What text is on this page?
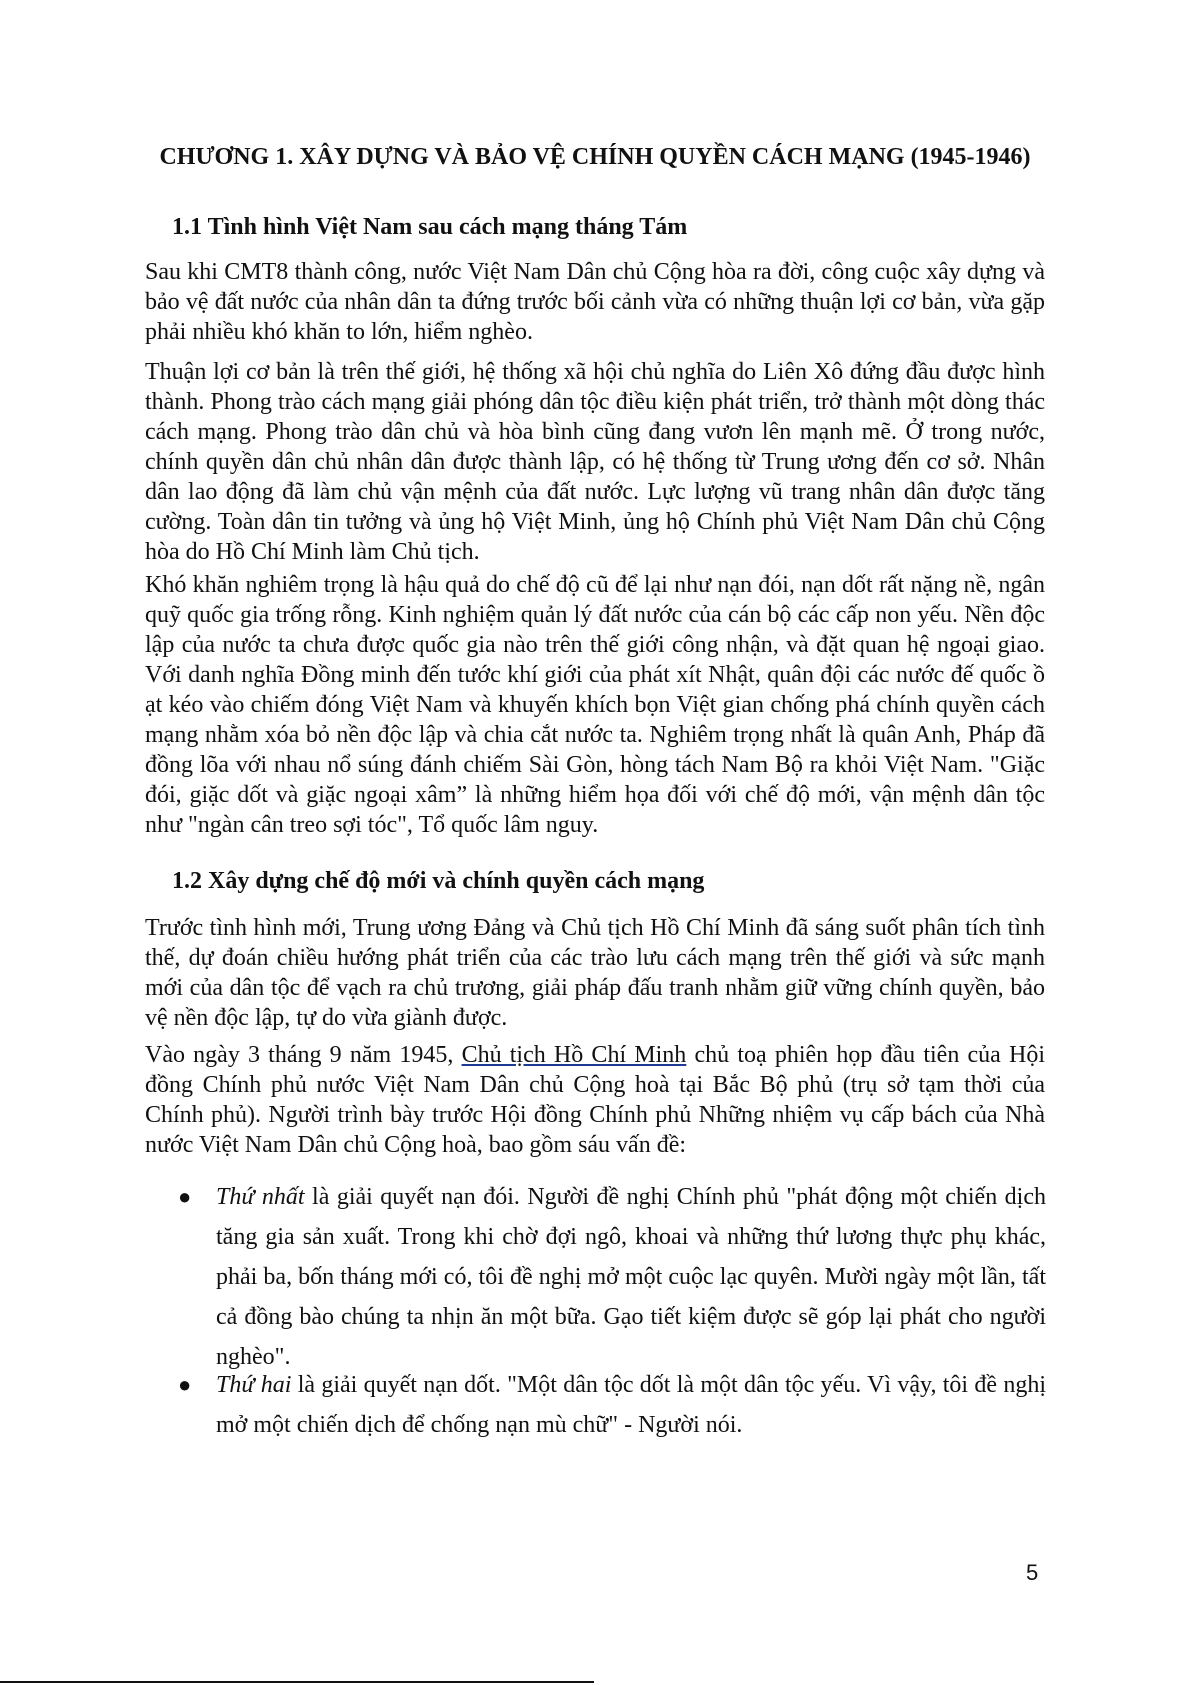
CHƯƠNG 1. XÂY DỰNG VÀ BẢO VỆ CHÍNH QUYỀN CÁCH MẠNG (1945-1946)
1.1 Tình hình Việt Nam sau cách mạng tháng Tám

Sau khi CMT8 thành công, nước Việt Nam Dân chủ Cộng hòa ra đời, công cuộc xây dựng và bảo vệ đất nước của nhân dân ta đứng trước bối cảnh vừa có những thuận lợi cơ bản, vừa gặp phải nhiều khó khăn to lớn, hiểm nghèo.

Thuận lợi cơ bản là trên thế giới, hệ thống xã hội chủ nghĩa do Liên Xô đứng đầu được hình thành. Phong trào cách mạng giải phóng dân tộc điều kiện phát triển, trở thành một dòng thác cách mạng. Phong trào dân chủ và hòa bình cũng đang vươn lên mạnh mẽ. Ở trong nước, chính quyền dân chủ nhân dân được thành lập, có hệ thống từ Trung ương đến cơ sở. Nhân dân lao động đã làm chủ vận mệnh của đất nước. Lực lượng vũ trang nhân dân được tăng cường. Toàn dân tin tưởng và ủng hộ Việt Minh, ủng hộ Chính phủ Việt Nam Dân chủ Cộng hòa do Hồ Chí Minh làm Chủ tịch.

Khó khăn nghiêm trọng là hậu quả do chế độ cũ để lại như nạn đói, nạn dốt rất nặng nề, ngân quỹ quốc gia trống rỗng. Kinh nghiệm quản lý đất nước của cán bộ các cấp non yếu. Nền độc lập của nước ta chưa được quốc gia nào trên thế giới công nhận, và đặt quan hệ ngoại giao. Với danh nghĩa Đồng minh đến tước khí giới của phát xít Nhật, quân đội các nước đế quốc ồ ạt kéo vào chiếm đóng Việt Nam và khuyến khích bọn Việt gian chống phá chính quyền cách mạng nhằm xóa bỏ nền độc lập và chia cắt nước ta. Nghiêm trọng nhất là quân Anh, Pháp đã đồng lõa với nhau nổ súng đánh chiếm Sài Gòn, hòng tách Nam Bộ ra khỏi Việt Nam. "Giặc đói, giặc dốt và giặc ngoại xâm” là những hiểm họa đối với chế độ mới, vận mệnh dân tộc như "ngàn cân treo sợi tóc", Tổ quốc lâm nguy.

1.2 Xây dựng chế độ mới và chính quyền cách mạng

Trước tình hình mới, Trung ương Đảng và Chủ tịch Hồ Chí Minh đã sáng suốt phân tích tình thế, dự đoán chiều hướng phát triển của các trào lưu cách mạng trên thế giới và sức mạnh mới của dân tộc để vạch ra chủ trương, giải pháp đấu tranh nhằm giữ vững chính quyền, bảo vệ nền độc lập, tự do vừa giành được.

Vào ngày 3 tháng 9 năm 1945, Chủ tịch Hồ Chí Minh chủ toạ phiên họp đầu tiên của Hội đồng Chính phủ nước Việt Nam Dân chủ Cộng hoà tại Bắc Bộ phủ (trụ sở tạm thời của Chính phủ). Người trình bày trước Hội đồng Chính phủ Những nhiệm vụ cấp bách của Nhà nước Việt Nam Dân chủ Cộng hoà, bao gồm sáu vấn đề:

●	Thứ nhất là giải quyết nạn đói. Người đề nghị Chính phủ "phát động một chiến dịch tăng gia sản xuất. Trong khi chờ đợi ngô, khoai và những thứ lương thực phụ khác, phải ba, bốn tháng mới có, tôi đề nghị mở một cuộc lạc quyên. Mười ngày một lần, tất cả đồng bào chúng ta nhịn ăn một bữa. Gạo tiết kiệm được sẽ góp lại phát cho người nghèo".

●	Thứ hai là giải quyết nạn dốt. "Một dân tộc dốt là một dân tộc yếu. Vì vậy, tôi đề nghị mở một chiến dịch để chống nạn mù chữ" - Người nói.

5
